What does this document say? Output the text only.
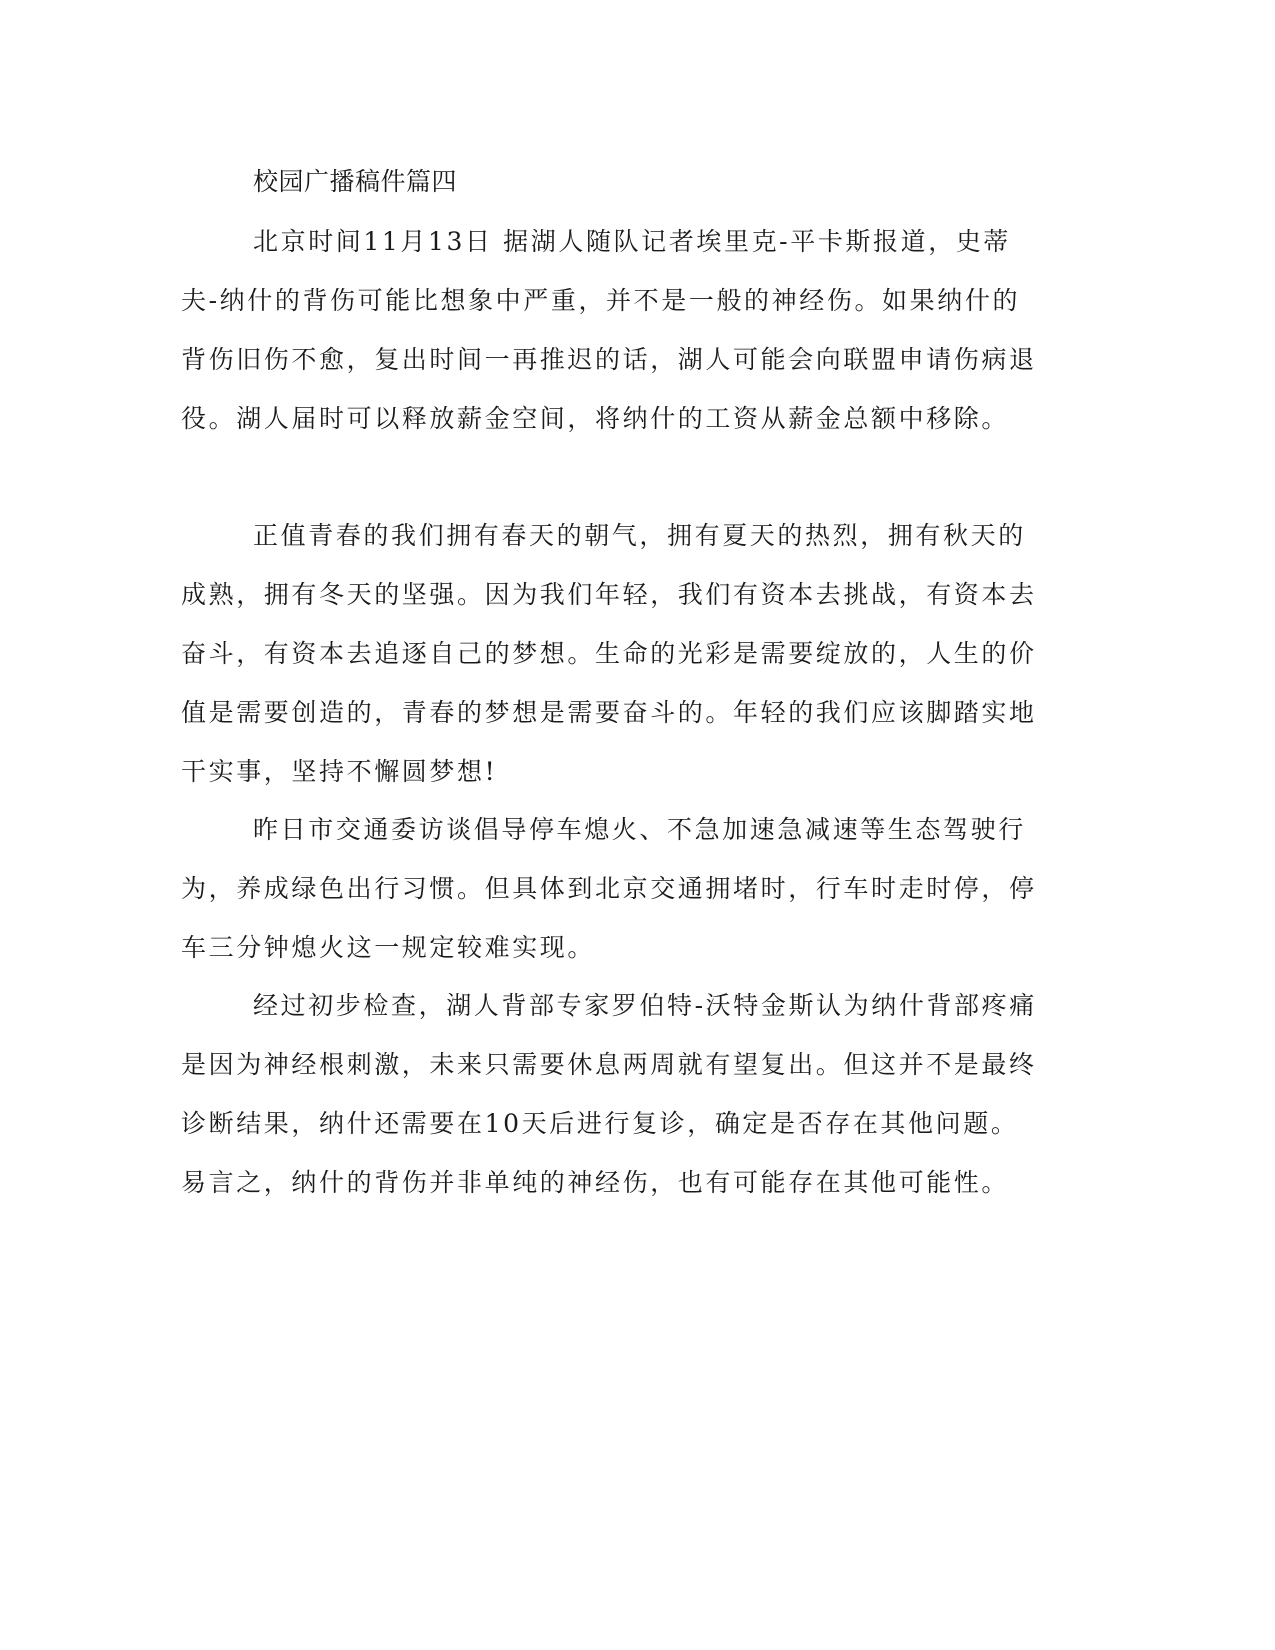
校园广播稿件篇四

北京时间11月13日 据湖人随队记者埃里克-平卡斯报道，史蒂夫-纳什的背伤可能比想象中严重，并不是一般的神经伤。如果纳什的背伤旧伤不愈，复出时间一再推迟的话，湖人可能会向联盟申请伤病退役。湖人届时可以释放薪金空间，将纳什的工资从薪金总额中移除。

正值青春的我们拥有春天的朝气，拥有夏天的热烈，拥有秋天的成熟，拥有冬天的坚强。因为我们年轻，我们有资本去挑战，有资本去奋斗，有资本去追逐自己的梦想。生命的光彩是需要绽放的，人生的价值是需要创造的，青春的梦想是需要奋斗的。年轻的我们应该脚踏实地干实事，坚持不懈圆梦想!

昨日市交通委访谈倡导停车熄火、不急加速急减速等生态驾驶行为，养成绿色出行习惯。但具体到北京交通拥堵时，行车时走时停，停车三分钟熄火这一规定较难实现。

经过初步检查，湖人背部专家罗伯特-沃特金斯认为纳什背部疼痛是因为神经根刺激，未来只需要休息两周就有望复出。但这并不是最终诊断结果，纳什还需要在10天后进行复诊，确定是否存在其他问题。易言之，纳什的背伤并非单纯的神经伤，也有可能存在其他可能性。
